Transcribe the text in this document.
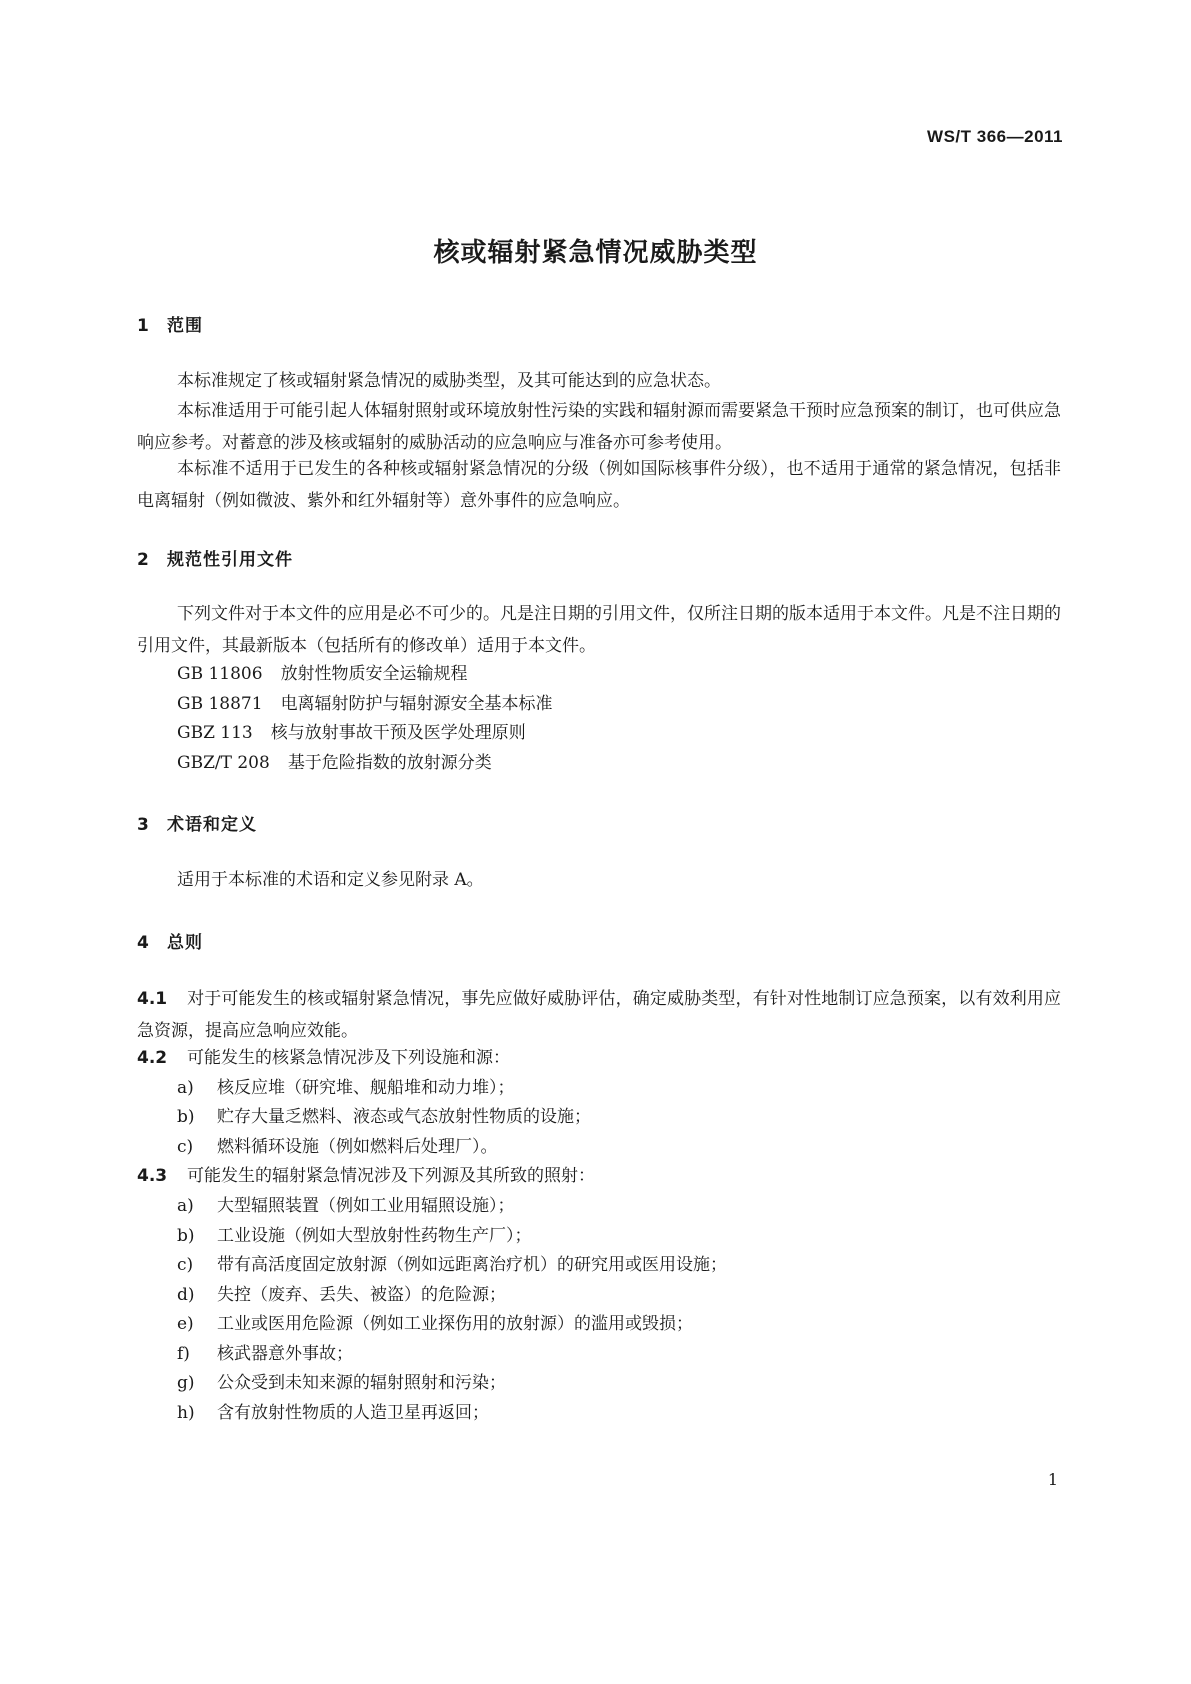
WS/T 366—2011
核或辐射紧急情况威胁类型
1 范围

本标准规定了核或辐射紧急情况的威胁类型，及其可能达到的应急状态。

本标准适用于可能引起人体辐射照射或环境放射性污染的实践和辐射源而需要紧急干预时应急预案的制订，也可供应急响应参考。对蓄意的涉及核或辐射的威胁活动的应急响应与准备亦可参考使用。

本标准不适用于已发生的各种核或辐射紧急情况的分级（例如国际核事件分级），也不适用于通常的紧急情况，包括非电离辐射（例如微波、紫外和红外辐射等）意外事件的应急响应。

2 规范性引用文件

下列文件对于本文件的应用是必不可少的。凡是注日期的引用文件，仅所注日期的版本适用于本文件。凡是不注日期的引用文件，其最新版本（包括所有的修改单）适用于本文件。

GB 11806 放射性物质安全运输规程
GB 18871 电离辐射防护与辐射源安全基本标准
GBZ 113 核与放射事故干预及医学处理原则
GBZ/T 208 基于危险指数的放射源分类
3 术语和定义

适用于本标准的术语和定义参见附录 A。

4 总则

4.1 对于可能发生的核或辐射紧急情况，事先应做好威胁评估，确定威胁类型，有针对性地制订应急预案，以有效利用应急资源，提高应急响应效能。

4.2 可能发生的核紧急情况涉及下列设施和源：

a) 核反应堆（研究堆、舰船堆和动力堆）；
b) 贮存大量乏燃料、液态或气态放射性物质的设施；
c) 燃料循环设施（例如燃料后处理厂）。

4.3 可能发生的辐射紧急情况涉及下列源及其所致的照射：

a) 大型辐照装置（例如工业用辐照设施）；
b) 工业设施（例如大型放射性药物生产厂）；
c) 带有高活度固定放射源（例如远距离治疗机）的研究用或医用设施；
d) 失控（废弃、丢失、被盗）的危险源；
e) 工业或医用危险源（例如工业探伤用的放射源）的滥用或毁损；
f) 核武器意外事故；
g) 公众受到未知来源的辐射照射和污染；
h) 含有放射性物质的人造卫星再返回；
1
